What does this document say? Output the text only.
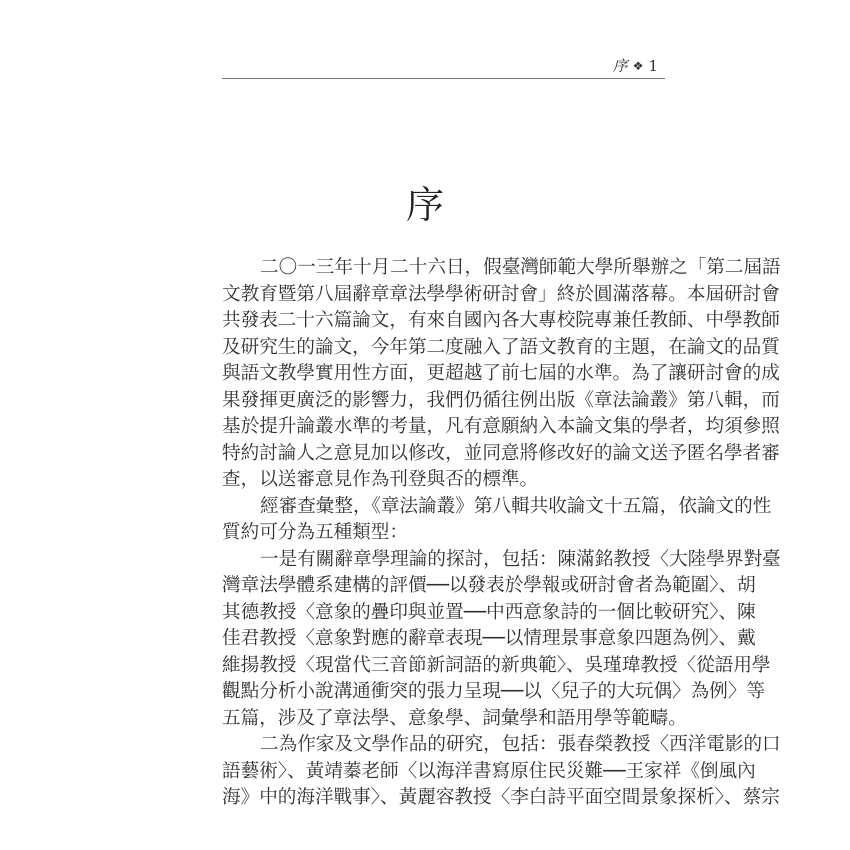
序 ❖ 1
序
二〇一三年十月二十六日，假臺灣師範大學所舉辦之「第二屆語
文教育暨第八屆辭章章法學學術研討會」終於圓滿落幕。本屆研討會
共發表二十六篇論文，有來自國內各大專校院專兼任教師、中學教師
及研究生的論文，今年第二度融入了語文教育的主題，在論文的品質
與語文教學實用性方面，更超越了前七屆的水準。為了讓研討會的成
果發揮更廣泛的影響力，我們仍循往例出版《章法論叢》第八輯，而
基於提升論叢水準的考量，凡有意願納入本論文集的學者，均須參照
特約討論人之意見加以修改，並同意將修改好的論文送予匿名學者審
查，以送審意見作為刊登與否的標準。
經審查彙整，《章法論叢》第八輯共收論文十五篇，依論文的性
質約可分為五種類型：
一是有關辭章學理論的探討，包括：陳滿銘教授〈大陸學界對臺
灣章法學體系建構的評價──以發表於學報或研討會者為範圍〉、胡
其德教授〈意象的疊印與並置──中西意象詩的一個比較研究〉、陳
佳君教授〈意象對應的辭章表現──以情理景事意象四題為例〉、戴
維揚教授〈現當代三音節新詞語的新典範〉、吳瑾瑋教授〈從語用學
觀點分析小說溝通衝突的張力呈現──以〈兒子的大玩偶〉為例〉等
五篇，涉及了章法學、意象學、詞彙學和語用學等範疇。
二為作家及文學作品的研究，包括：張春榮教授〈西洋電影的口
語藝術〉、黃靖蓁老師〈以海洋書寫原住民災難──王家祥《倒風內
海》中的海洋戰事〉、黃麗容教授〈李白詩平面空間景象探析〉、蔡宗
